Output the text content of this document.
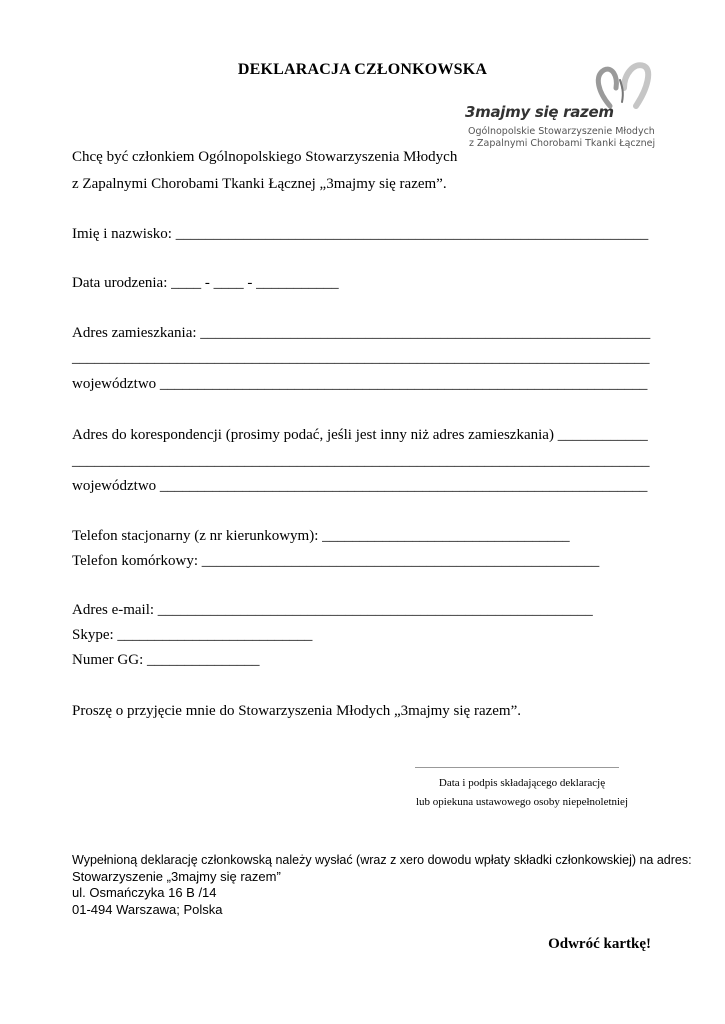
DEKLARACJA CZŁONKOWSKA
3majmy się razem
Ogólnopolskie Stowarzyszenie Młodych
z Zapalnymi Chorobami Tkanki Łącznej
Chcę być członkiem Ogólnopolskiego Stowarzyszenia Młodych
z Zapalnymi Chorobami Tkanki Łącznej „3majmy się razem”.
Imię i nazwisko: _______________________________________________________________
Data urodzenia: ____ - ____ - ___________
Adres zamieszkania: ____________________________________________________________
_____________________________________________________________________________
województwo _________________________________________________________________
Adres do korespondencji (prosimy podać, jeśli jest inny niż adres zamieszkania) ____________
_____________________________________________________________________________
województwo _________________________________________________________________
Telefon stacjonarny (z nr kierunkowym): _________________________________
Telefon komórkowy: _____________________________________________________
Adres e-mail: __________________________________________________________
Skype: __________________________
Numer GG: _______________
Proszę o przyjęcie mnie do Stowarzyszenia Młodych „3majmy się razem”.
Data i podpis składającego deklarację
lub opiekuna ustawowego osoby niepełnoletniej
Wypełnioną deklarację członkowską należy wysłać (wraz z xero dowodu wpłaty składki członkowskiej) na adres:
Stowarzyszenie „3majmy się razem”
ul. Osmańczyka 16 B /14
01-494 Warszawa; Polska
Odwróć kartkę!
